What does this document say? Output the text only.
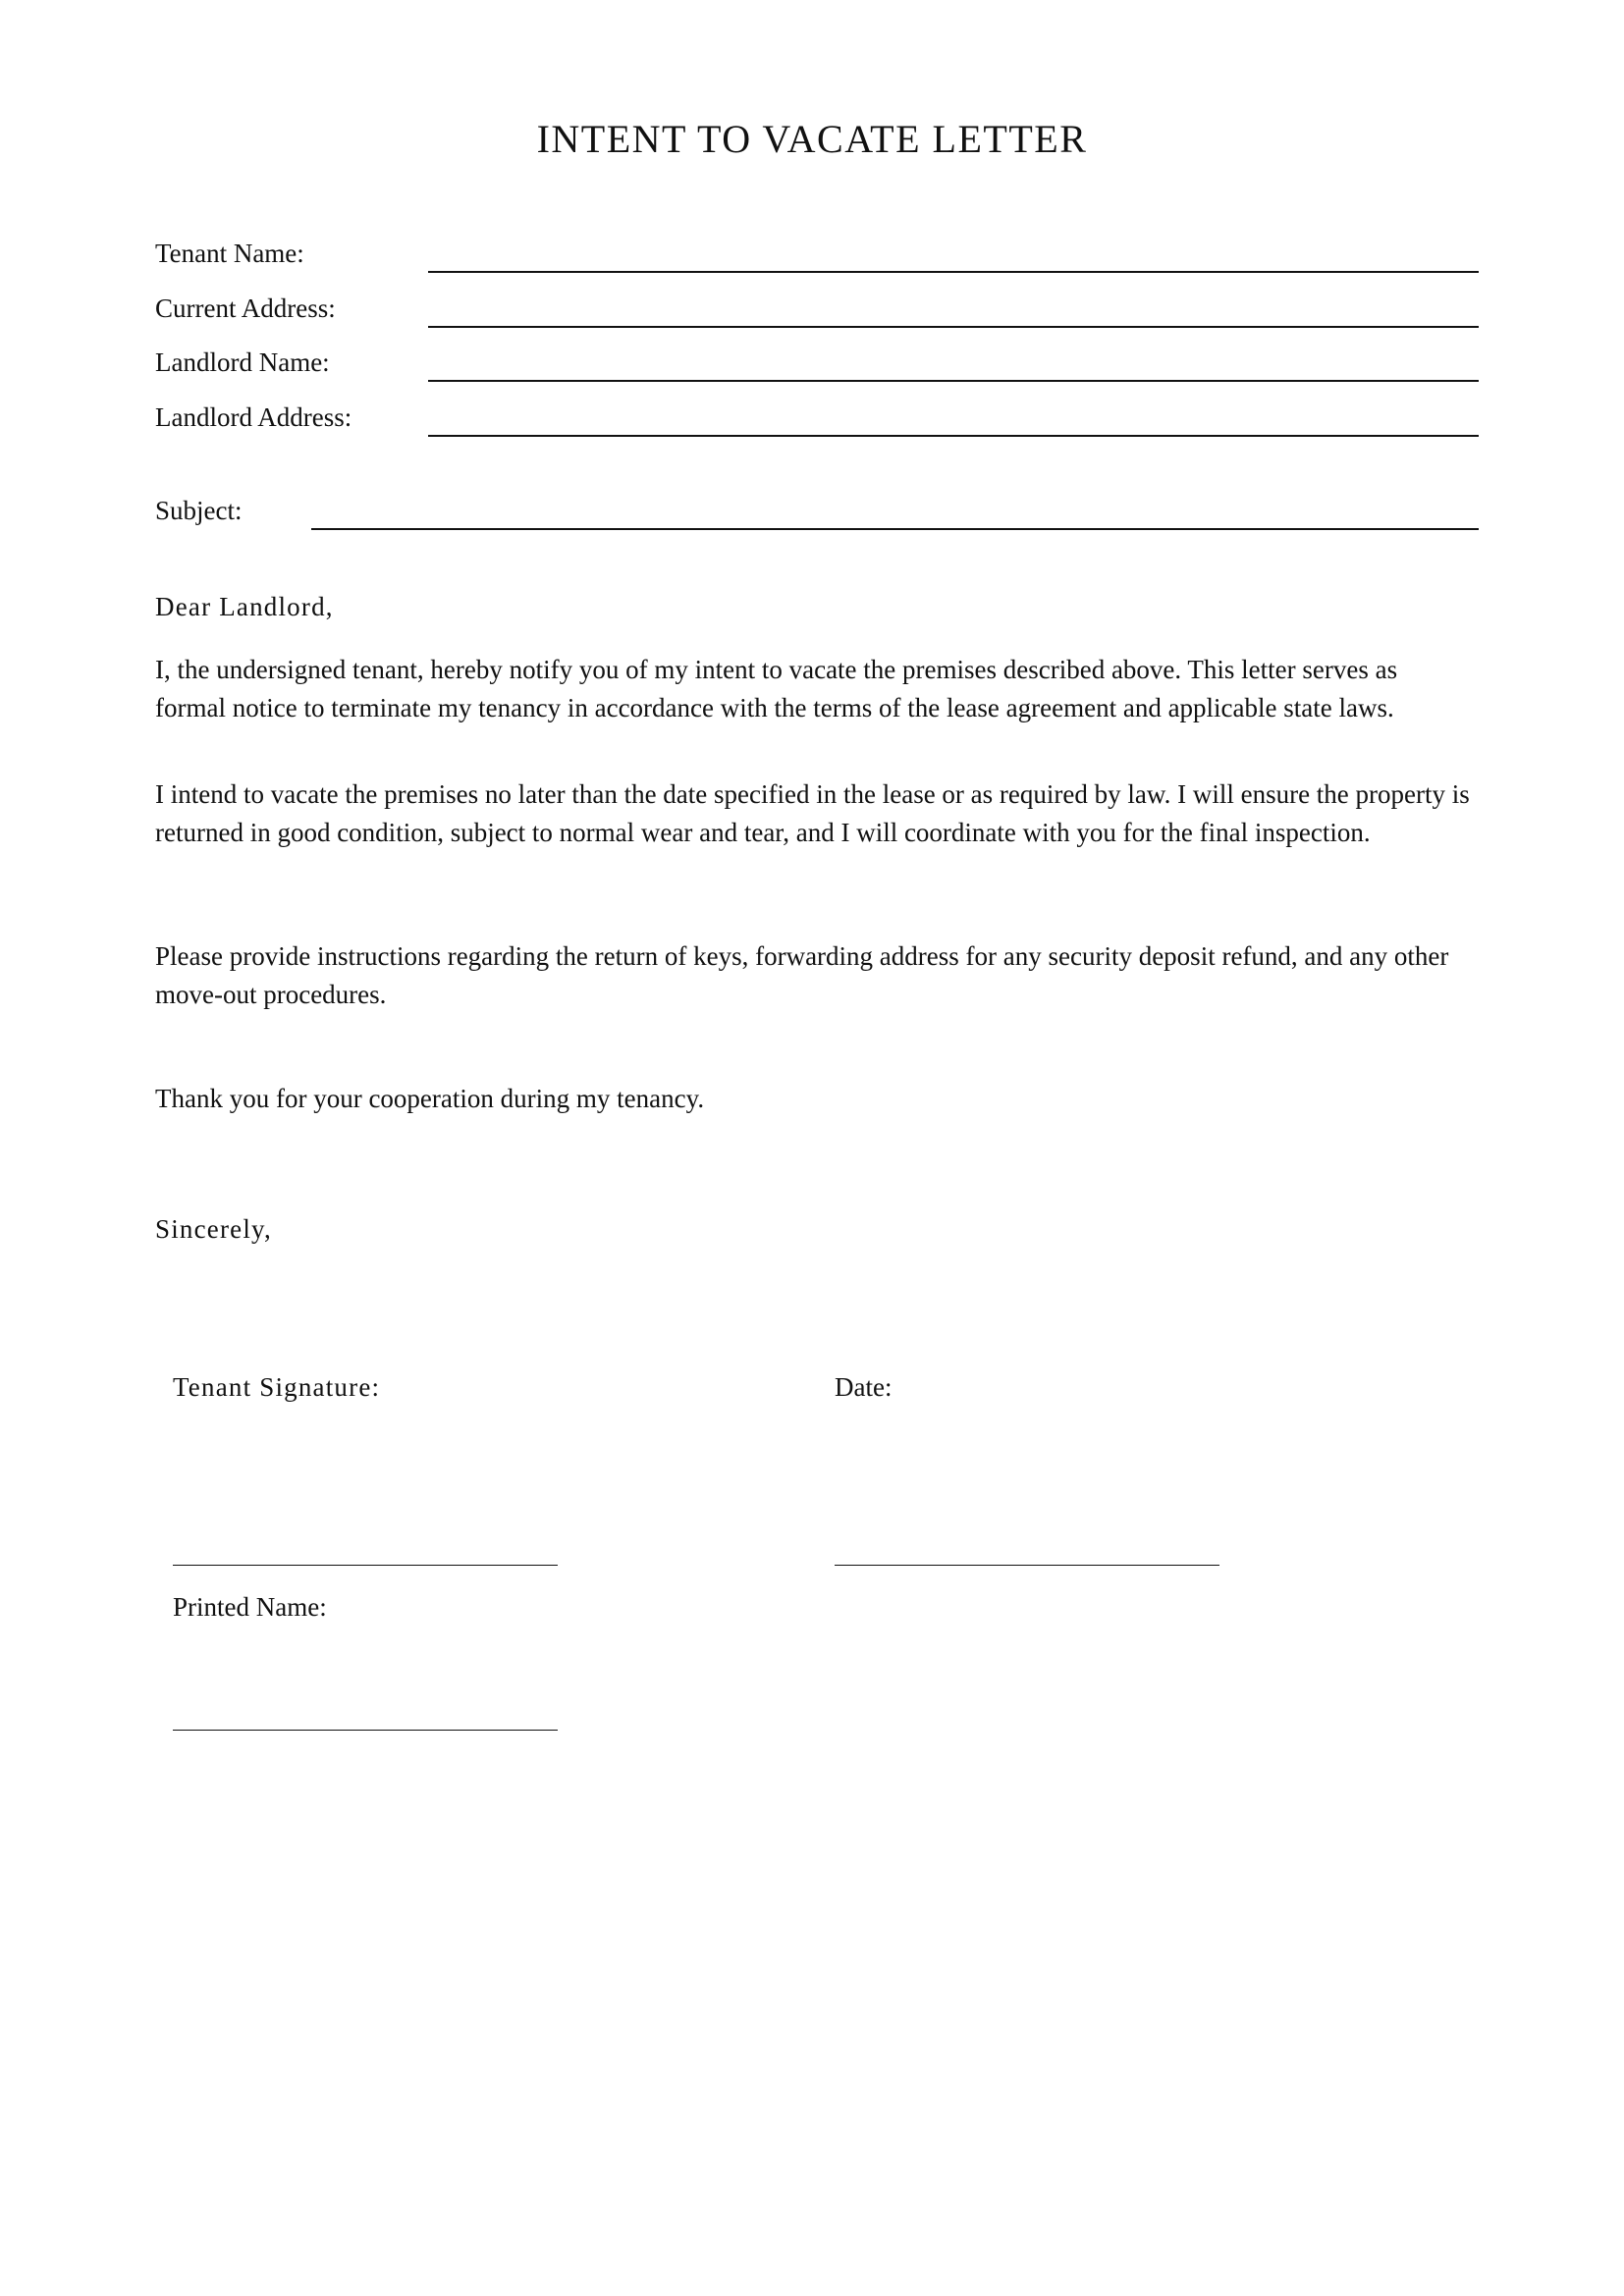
INTENT TO VACATE LETTER
Tenant Name:
Current Address:
Landlord Name:
Landlord Address:
Subject:

Dear Landlord,

I, the undersigned tenant, hereby notify you of my intent to vacate the premises described above. This letter serves as formal notice to terminate my tenancy in accordance with the terms of the lease agreement and applicable state laws.

I intend to vacate the premises no later than the date specified in the lease or as required by law. I will ensure the property is returned in good condition, subject to normal wear and tear, and I will coordinate with you for the final inspection.

Please provide instructions regarding the return of keys, forwarding address for any security deposit refund, and any other move-out procedures.

Thank you for your cooperation during my tenancy.

Sincerely,

Tenant Signature:	Date:
Printed Name:
